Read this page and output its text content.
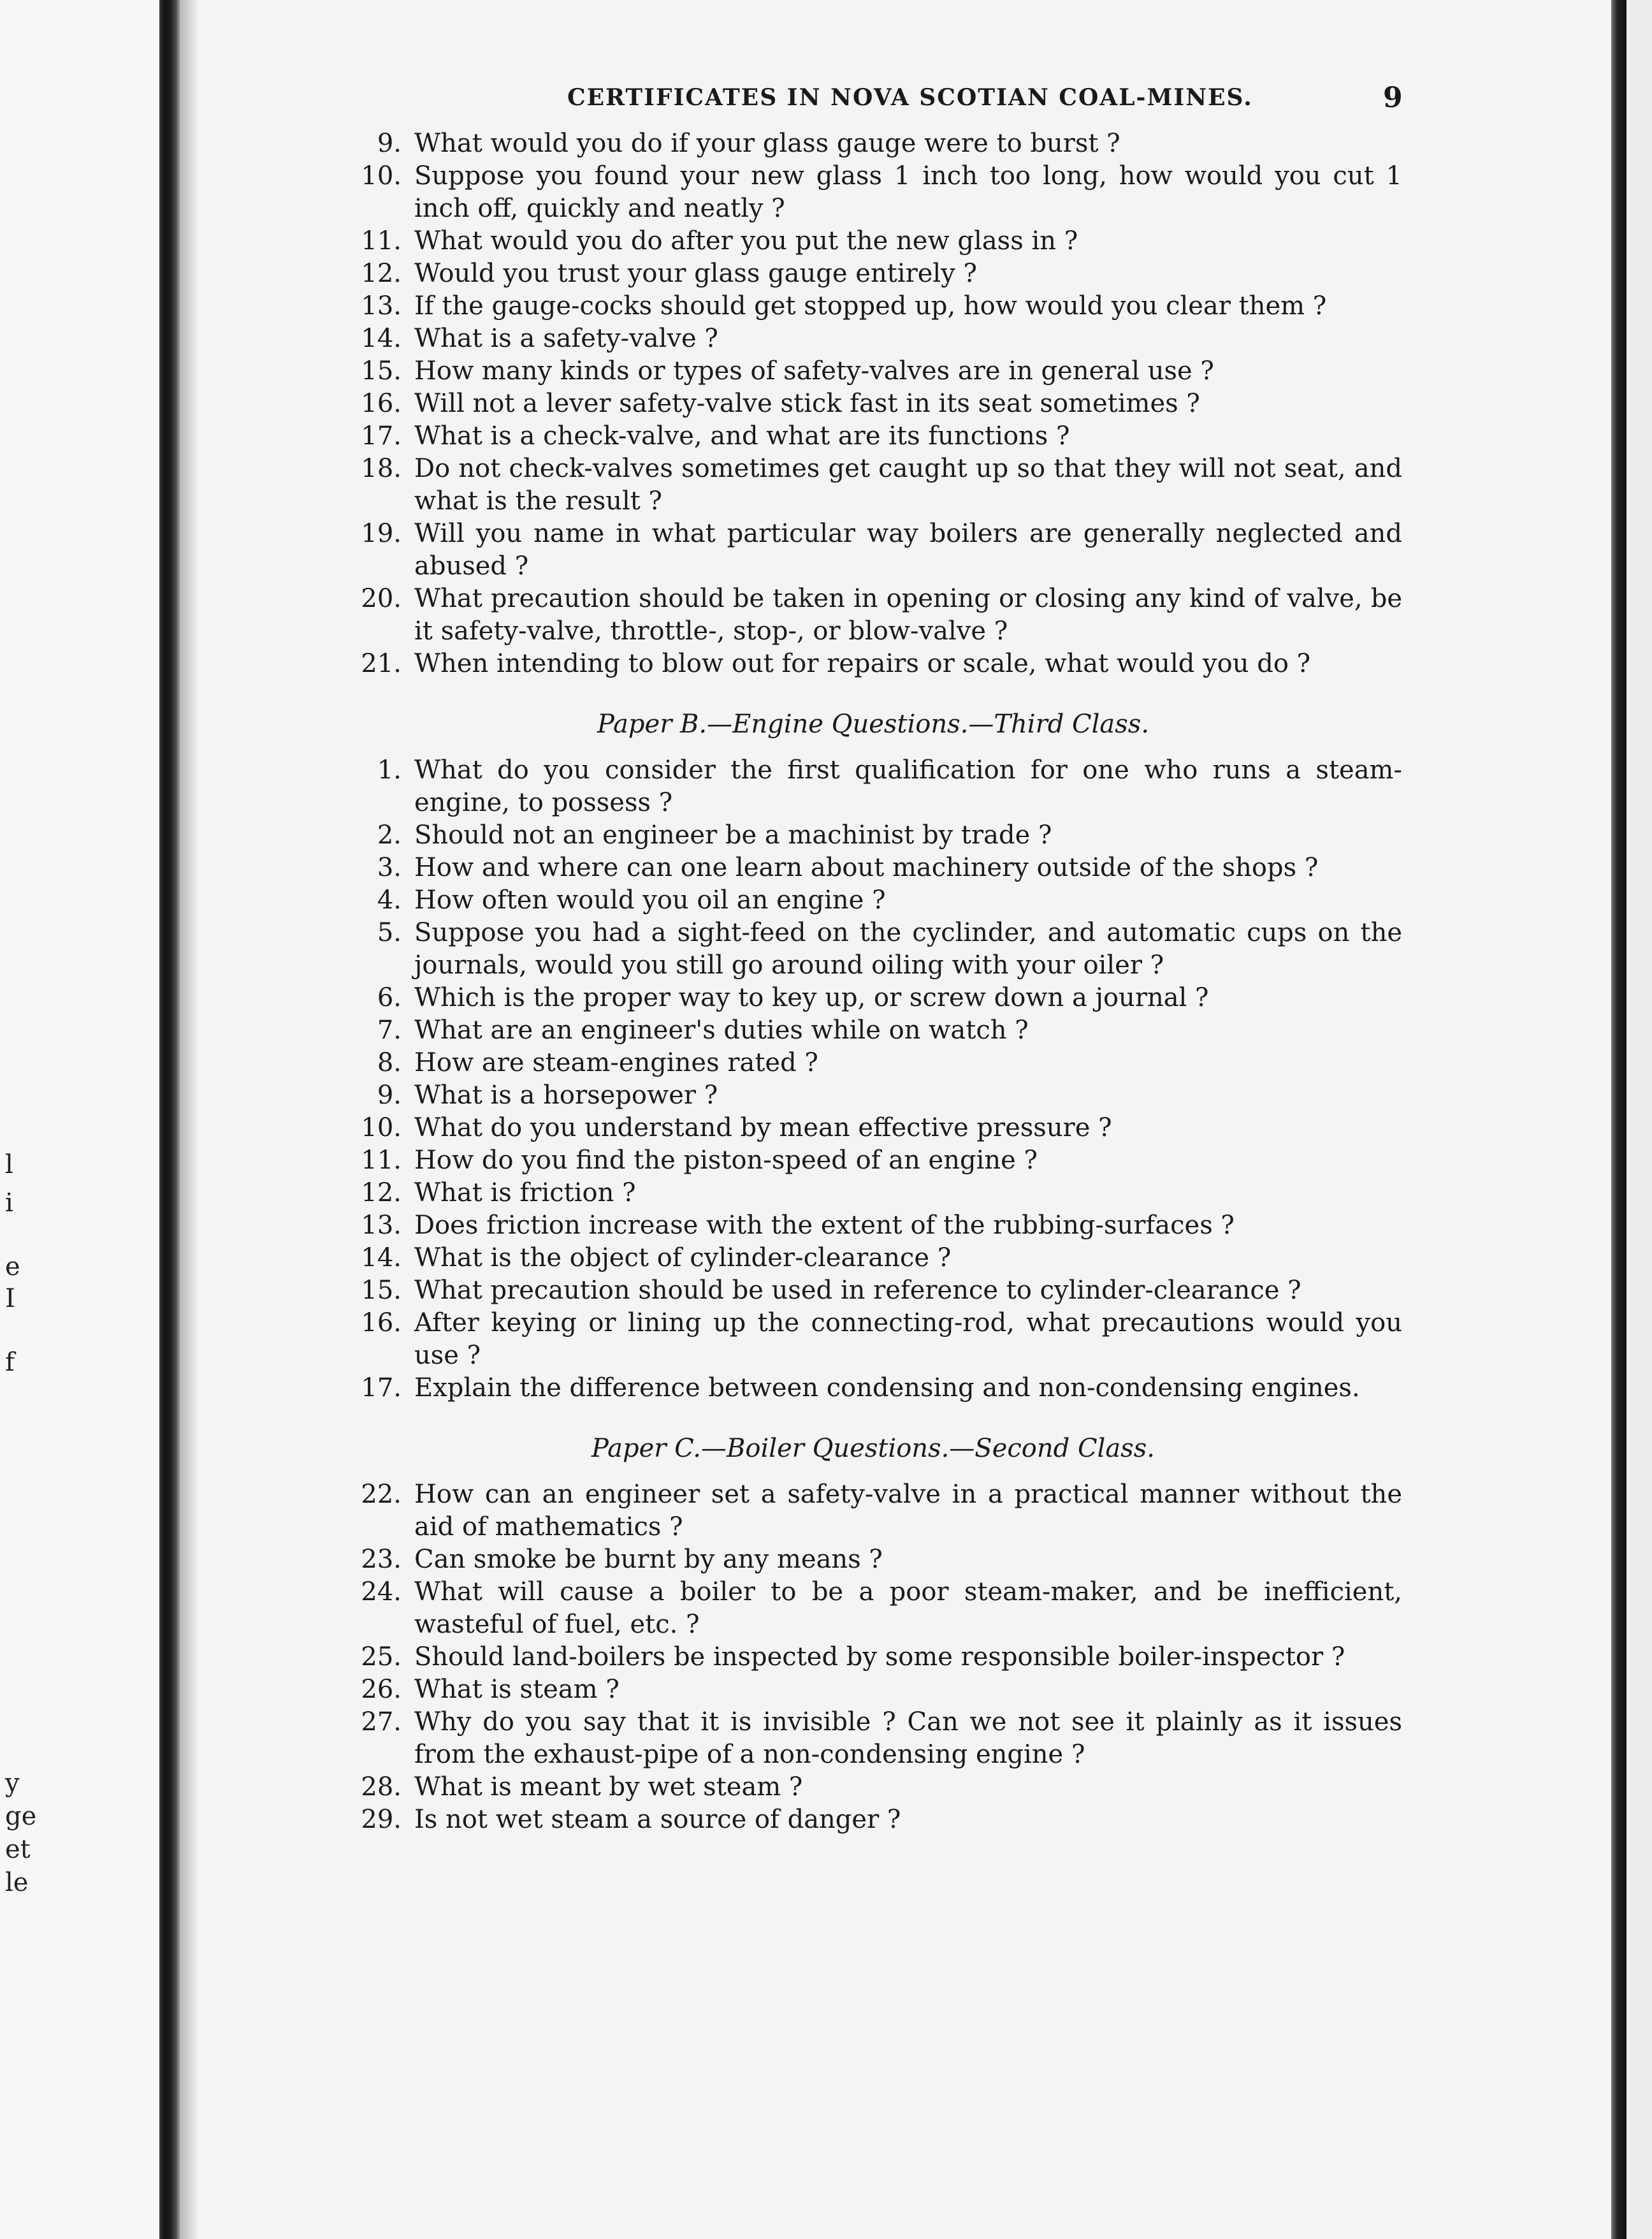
l
i
e
I
f
y
ge
et
le
CERTIFICATES IN NOVA SCOTIAN COAL-MINES.	9
9. What would you do if your glass gauge were to burst ?
10. Suppose you found your new glass 1 inch too long, how would you cut 1 inch off, quickly and neatly ?
11. What would you do after you put the new glass in ?
12. Would you trust your glass gauge entirely ?
13. If the gauge-cocks should get stopped up, how would you clear them ?
14. What is a safety-valve ?
15. How many kinds or types of safety-valves are in general use ?
16. Will not a lever safety-valve stick fast in its seat sometimes ?
17. What is a check-valve, and what are its functions ?
18. Do not check-valves sometimes get caught up so that they will not seat, and what is the result ?
19. Will you name in what particular way boilers are generally neglected and abused ?
20. What precaution should be taken in opening or closing any kind of valve, be it safety-valve, throttle-, stop-, or blow-valve ?
21. When intending to blow out for repairs or scale, what would you do ?
Paper B.—Engine Questions.—Third Class.
1. What do you consider the first qualification for one who runs a steam-engine, to possess ?
2. Should not an engineer be a machinist by trade ?
3. How and where can one learn about machinery outside of the shops ?
4. How often would you oil an engine ?
5. Suppose you had a sight-feed on the cyclinder, and automatic cups on the journals, would you still go around oiling with your oiler ?
6. Which is the proper way to key up, or screw down a journal ?
7. What are an engineer's duties while on watch ?
8. How are steam-engines rated ?
9. What is a horsepower ?
10. What do you understand by mean effective pressure ?
11. How do you find the piston-speed of an engine ?
12. What is friction ?
13. Does friction increase with the extent of the rubbing-surfaces ?
14. What is the object of cylinder-clearance ?
15. What precaution should be used in reference to cylinder-clearance ?
16. After keying or lining up the connecting-rod, what precautions would you use ?
17. Explain the difference between condensing and non-condensing engines.
Paper C.—Boiler Questions.—Second Class.
22. How can an engineer set a safety-valve in a practical manner without the aid of mathematics ?
23. Can smoke be burnt by any means ?
24. What will cause a boiler to be a poor steam-maker, and be inefficient, wasteful of fuel, etc. ?
25. Should land-boilers be inspected by some responsible boiler-inspector ?
26. What is steam ?
27. Why do you say that it is invisible ? Can we not see it plainly as it issues from the exhaust-pipe of a non-condensing engine ?
28. What is meant by wet steam ?
29. Is not wet steam a source of danger ?
